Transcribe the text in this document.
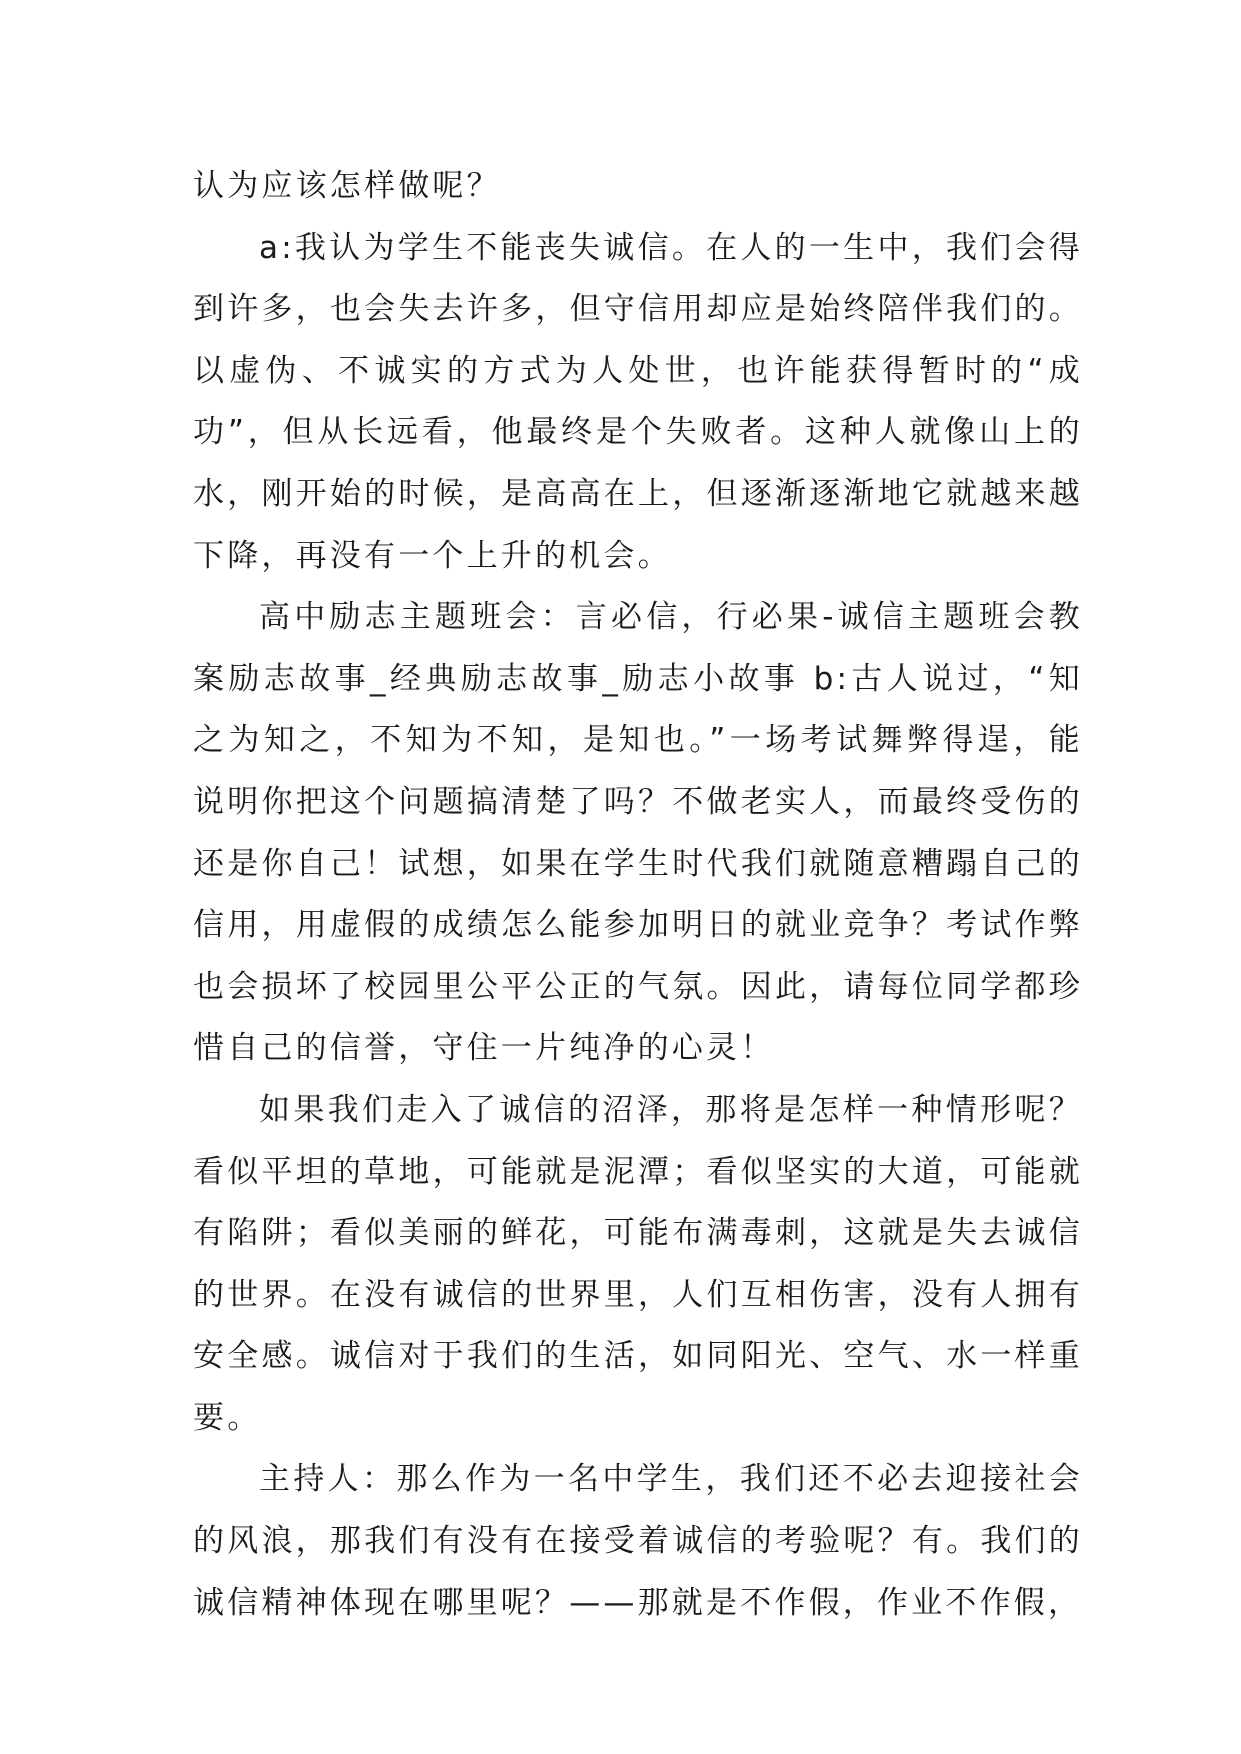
认为应该怎样做呢？

a:我认为学生不能丧失诚信。在人的一生中，我们会得到许多，也会失去许多，但守信用却应是始终陪伴我们的。以虚伪、不诚实的方式为人处世，也许能获得暂时的“成功”，但从长远看，他最终是个失败者。这种人就像山上的水，刚开始的时候，是高高在上，但逐渐逐渐地它就越来越下降，再没有一个上升的机会。

高中励志主题班会：言必信，行必果-诚信主题班会教案励志故事_经典励志故事_励志小故事 b:古人说过，“知之为知之，不知为不知，是知也。”一场考试舞弊得逞，能说明你把这个问题搞清楚了吗？不做老实人，而最终受伤的还是你自己！试想，如果在学生时代我们就随意糟蹋自己的信用，用虚假的成绩怎么能参加明日的就业竞争？考试作弊也会损坏了校园里公平公正的气氛。因此，请每位同学都珍惜自己的信誉，守住一片纯净的心灵！

如果我们走入了诚信的沼泽，那将是怎样一种情形呢？看似平坦的草地，可能就是泥潭；看似坚实的大道，可能就有陷阱；看似美丽的鲜花，可能布满毒刺，这就是失去诚信的世界。在没有诚信的世界里，人们互相伤害，没有人拥有安全感。诚信对于我们的生活，如同阳光、空气、水一样重要。

主持人：那么作为一名中学生，我们还不必去迎接社会的风浪，那我们有没有在接受着诚信的考验呢？有。我们的诚信精神体现在哪里呢？——那就是不作假，作业不作假，
